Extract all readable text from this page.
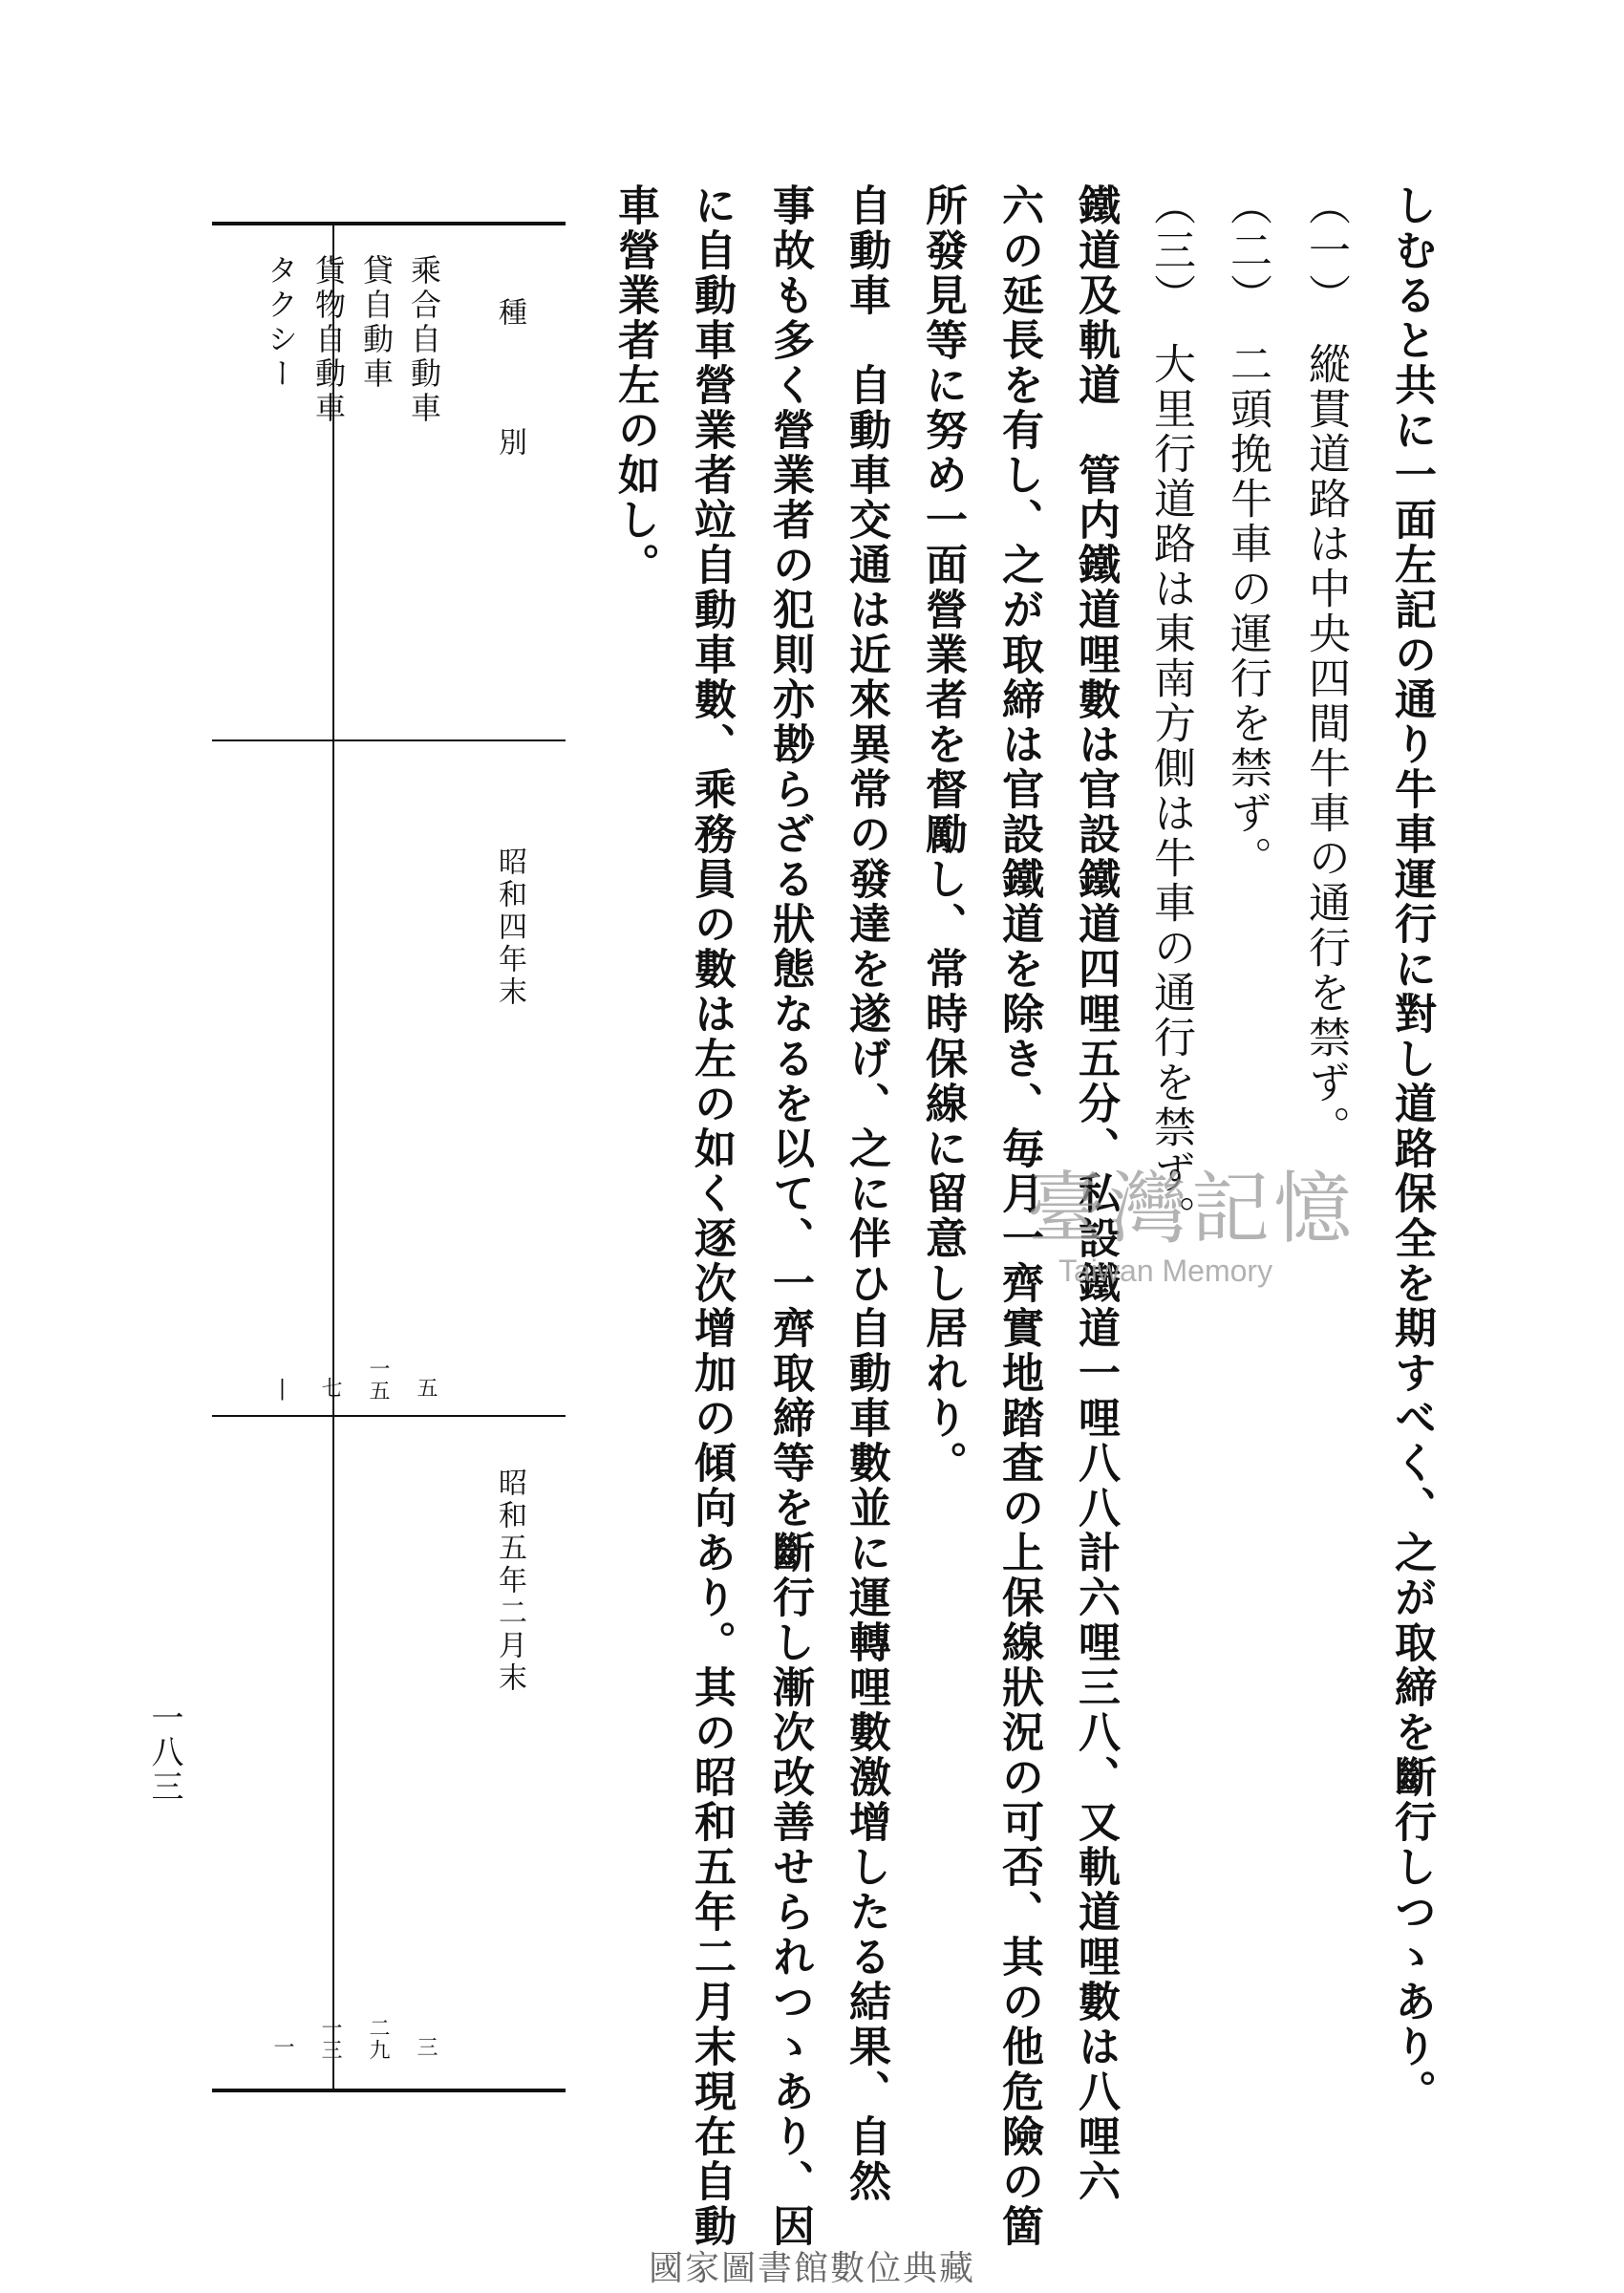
しむると共に一面左記の通り牛車運行に對し道路保全を期すべく、之が取締を斷行しつゝあり。
（一）　縱貫道路は中央四間牛車の通行を禁ず。
（二）　二頭挽牛車の運行を禁ず。
（三）　大里行道路は東南方側は牛車の通行を禁ず。
鐵道及軌道　管内鐵道哩數は官設鐵道四哩五分、私設鐵道一哩八八計六哩三八、又軌道哩數は八哩六
六の延長を有し、之が取締は官設鐵道を除き、毎月一齊實地踏査の上保線狀況の可否、其の他危險の箇
所發見等に努め一面營業者を督勵し、常時保線に留意し居れり。
自動車　自動車交通は近來異常の發達を遂げ、之に伴ひ自動車數並に運轉哩數激增したる結果、自然
事故も多く營業者の犯則亦尠らざる狀態なるを以て、一齊取締等を斷行し漸次改善せられつゝあり、因
に自動車營業者竝自動車數、乘務員の數は左の如く逐次增加の傾向あり。其の昭和五年二月末現在自動
車營業者左の如し。
種　　　別
昭和四年末
昭和五年二月末
乘合自動車
貸自動車
貨物自動車
タクシー
五
一五
七
|
三
二九
一三
一
一八三
臺灣記憶
Taiwan Memory
國家圖書館數位典藏
